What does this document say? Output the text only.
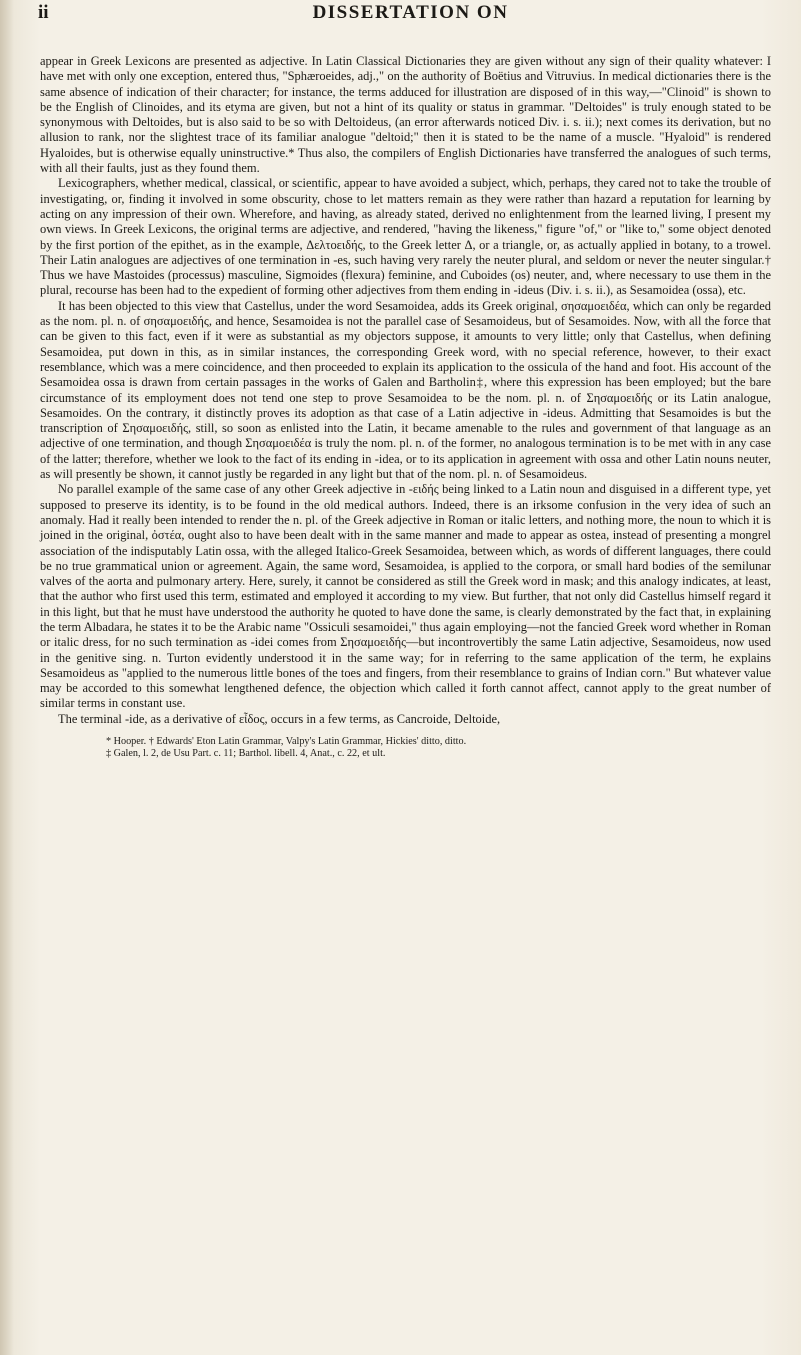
ii	DISSERTATION ON

appear in Greek Lexicons are presented as adjective. In Latin Classical Dictionaries they are given without any sign of their quality whatever: I have met with only one exception, entered thus, "Sphæroeides, adj.," on the authority of Boëtius and Vitruvius. In medical dictionaries there is the same absence of indication of their character; for instance, the terms adduced for illustration are disposed of in this way,—"Clinoid" is shown to be the English of Clinoides, and its etyma are given, but not a hint of its quality or status in grammar. "Deltoides" is truly enough stated to be synonymous with Deltoides, but is also said to be so with Deltoideus, (an error afterwards noticed Div. i. s. ii.); next comes its derivation, but no allusion to rank, nor the slightest trace of its familiar analogue "deltoid;" then it is stated to be the name of a muscle. "Hyaloid" is rendered Hyaloides, but is otherwise equally uninstructive.* Thus also, the compilers of English Dictionaries have transferred the analogues of such terms, with all their faults, just as they found them.

Lexicographers, whether medical, classical, or scientific, appear to have avoided a subject, which, perhaps, they cared not to take the trouble of investigating, or, finding it involved in some obscurity, chose to let matters remain as they were rather than hazard a reputation for learning by acting on any impression of their own. Wherefore, and having, as already stated, derived no enlightenment from the learned living, I present my own views. In Greek Lexicons, the original terms are adjective, and rendered, "having the likeness," figure "of," or "like to," some object denoted by the first portion of the epithet, as in the example, Δελτοειδής, to the Greek letter Δ, or a triangle, or, as actually applied in botany, to a trowel. Their Latin analogues are adjectives of one termination in -es, such having very rarely the neuter plural, and seldom or never the neuter singular.† Thus we have Mastoides (processus) masculine, Sigmoides (flexura) feminine, and Cuboides (os) neuter, and, where necessary to use them in the plural, recourse has been had to the expedient of forming other adjectives from them ending in -ideus (Div. i. s. ii.), as Sesamoidea (ossa), etc.

It has been objected to this view that Castellus, under the word Sesamoidea, adds its Greek original, σησαμοειδέα, which can only be regarded as the nom. pl. n. of σησαμοειδής, and hence, Sesamoidea is not the parallel case of Sesamoideus, but of Sesamoides. Now, with all the force that can be given to this fact, even if it were as substantial as my objectors suppose, it amounts to very little; only that Castellus, when defining Sesamoidea, put down in this, as in similar instances, the corresponding Greek word, with no special reference, however, to their exact resemblance, which was a mere coincidence, and then proceeded to explain its application to the ossicula of the hand and foot. His account of the Sesamoidea ossa is drawn from certain passages in the works of Galen and Bartholin‡, where this expression has been employed; but the bare circumstance of its employment does not tend one step to prove Sesamoidea to be the nom. pl. n. of Σησαμοειδής or its Latin analogue, Sesamoides. On the contrary, it distinctly proves its adoption as that case of a Latin adjective in -ideus. Admitting that Sesamoides is but the transcription of Σησαμοειδής, still, so soon as enlisted into the Latin, it became amenable to the rules and government of that language as an adjective of one termination, and though Σησαμοειδέα is truly the nom. pl. n. of the former, no analogous termination is to be met with in any case of the latter; therefore, whether we look to the fact of its ending in -idea, or to its application in agreement with ossa and other Latin nouns neuter, as will presently be shown, it cannot justly be regarded in any light but that of the nom. pl. n. of Sesamoideus.

No parallel example of the same case of any other Greek adjective in -ειδής being linked to a Latin noun and disguised in a different type, yet supposed to preserve its identity, is to be found in the old medical authors. Indeed, there is an irksome confusion in the very idea of such an anomaly. Had it really been intended to render the n. pl. of the Greek adjective in Roman or italic letters, and nothing more, the noun to which it is joined in the original, ὀστέα, ought also to have been dealt with in the same manner and made to appear as ostea, instead of presenting a mongrel association of the indisputably Latin ossa, with the alleged Italico-Greek Sesamoidea, between which, as words of different languages, there could be no true grammatical union or agreement. Again, the same word, Sesamoidea, is applied to the corpora, or small hard bodies of the semilunar valves of the aorta and pulmonary artery. Here, surely, it cannot be considered as still the Greek word in mask; and this analogy indicates, at least, that the author who first used this term, estimated and employed it according to my view. But further, that not only did Castellus himself regard it in this light, but that he must have understood the authority he quoted to have done the same, is clearly demonstrated by the fact that, in explaining the term Albadara, he states it to be the Arabic name "Ossiculi sesamoidei," thus again employing—not the fancied Greek word whether in Roman or italic dress, for no such termination as -idei comes from Σησαμοειδής—but incontrovertibly the same Latin adjective, Sesamoideus, now used in the genitive sing. n. Turton evidently understood it in the same way; for in referring to the same application of the term, he explains Sesamoideus as "applied to the numerous little bones of the toes and fingers, from their resemblance to grains of Indian corn." But whatever value may be accorded to this somewhat lengthened defence, the objection which called it forth cannot affect, cannot apply to the great number of similar terms in constant use.

The terminal -ide, as a derivative of εἶδος, occurs in a few terms, as Cancroide, Deltoide,

* Hooper. † Edwards' Eton Latin Grammar, Valpy's Latin Grammar, Hickies' ditto, ditto.

‡ Galen, l. 2, de Usu Part. c. 11; Barthol. libell. 4, Anat., c. 22, et ult.
